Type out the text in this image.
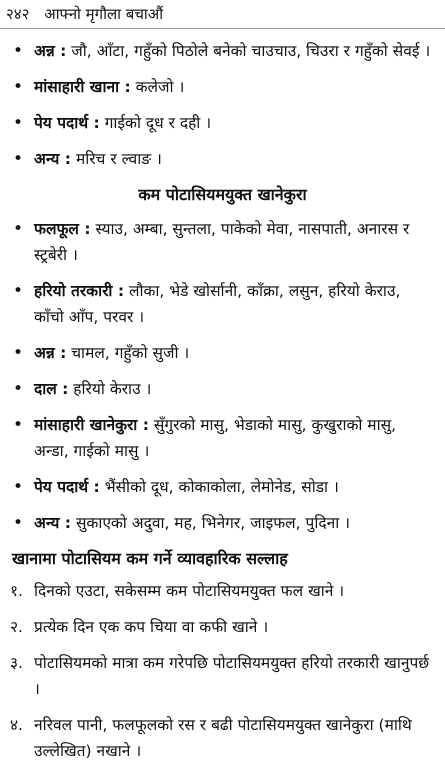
२४२ आफ्नो मृगौला बचाऔं
• अन्न : जौ, आँटा, गहुँको पिठोले बनेको चाउचाउ, चिउरा र गहुँको सेवई ।
• मांसाहारी खाना : कलेजो ।
• पेय पदार्थ : गाईको दूध र दही ।
• अन्य : मरिच र ल्वाङ ।
कम पोटासियमयुक्त खानेकुरा
• फलफूल : स्याउ, अम्बा, सुन्तला, पाकेको मेवा, नासपाती, अनारस र स्ट्रबेरी ।
• हरियो तरकारी : लौका, भेडे खोर्सानी, काँक्रा, लसुन, हरियो केराउ, काँचो आँप, परवर ।
• अन्न : चामल, गहुँको सुजी ।
• दाल : हरियो केराउ ।
• मांसाहारी खानेकुरा : सुँगुरको मासु, भेडाको मासु, कुखुराको मासु, अन्डा, गाईको मासु ।
• पेय पदार्थ : भैंसीको दूध, कोकाकोला, लेमोनेड, सोडा ।
• अन्य : सुकाएको अदुवा, मह, भिनेगर, जाइफल, पुदिना ।
खानामा पोटासियम कम गर्ने व्यावहारिक सल्लाह
१. दिनको एउटा, सकेसम्म कम पोटासियमयुक्त फल खाने ।
२. प्रत्येक दिन एक कप चिया वा कफी खाने ।
३. पोटासियमको मात्रा कम गरेपछि पोटासियमयुक्त हरियो तरकारी खानुपर्छ ।
४. नरिवल पानी, फलफूलको रस र बढी पोटासियमयुक्त खानेकुरा (माथि उल्लेखित) नखाने ।
